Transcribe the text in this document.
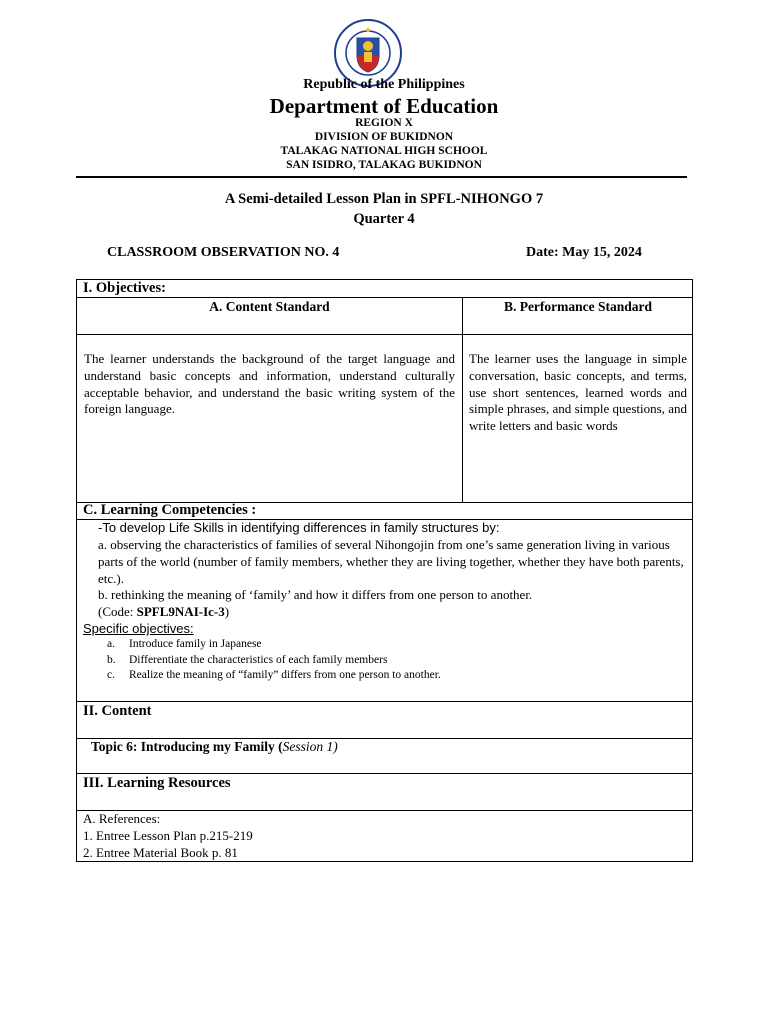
Republic of the Philippines
Department of Education
REGION X
DIVISION OF BUKIDNON
TALAKAG NATIONAL HIGH SCHOOL
SAN ISIDRO, TALAKAG BUKIDNON
A Semi-detailed Lesson Plan in SPFL-NIHONGO 7
Quarter 4
CLASSROOM OBSERVATION NO. 4	Date: May 15, 2024
I. Objectives:
A. Content Standard	B. Performance Standard
The learner understands the background of the target language and understand basic concepts and information, understand culturally acceptable behavior, and understand the basic writing system of the foreign language.
The learner uses the language in simple conversation, basic concepts, and terms, use short sentences, learned words and simple phrases, and simple questions, and write letters and basic words
C. Learning Competencies :
-To develop Life Skills in identifying differences in family structures by:
a. observing the characteristics of families of several Nihongojin from one’s same generation living in various parts of the world (number of family members, whether they are living together, whether they have both parents, etc.).
b. rethinking the meaning of ‘family’ and how it differs from one person to another.
(Code: SPFL9NAI-Ic-3)
Specific objectives:
a. Introduce family in Japanese
b. Differentiate the characteristics of each family members
c. Realize the meaning of “family” differs from one person to another.
II. Content
Topic 6: Introducing my Family (Session 1)
III. Learning Resources
A. References:
1. Entree Lesson Plan p.215-219
2. Entree Material Book p. 81
